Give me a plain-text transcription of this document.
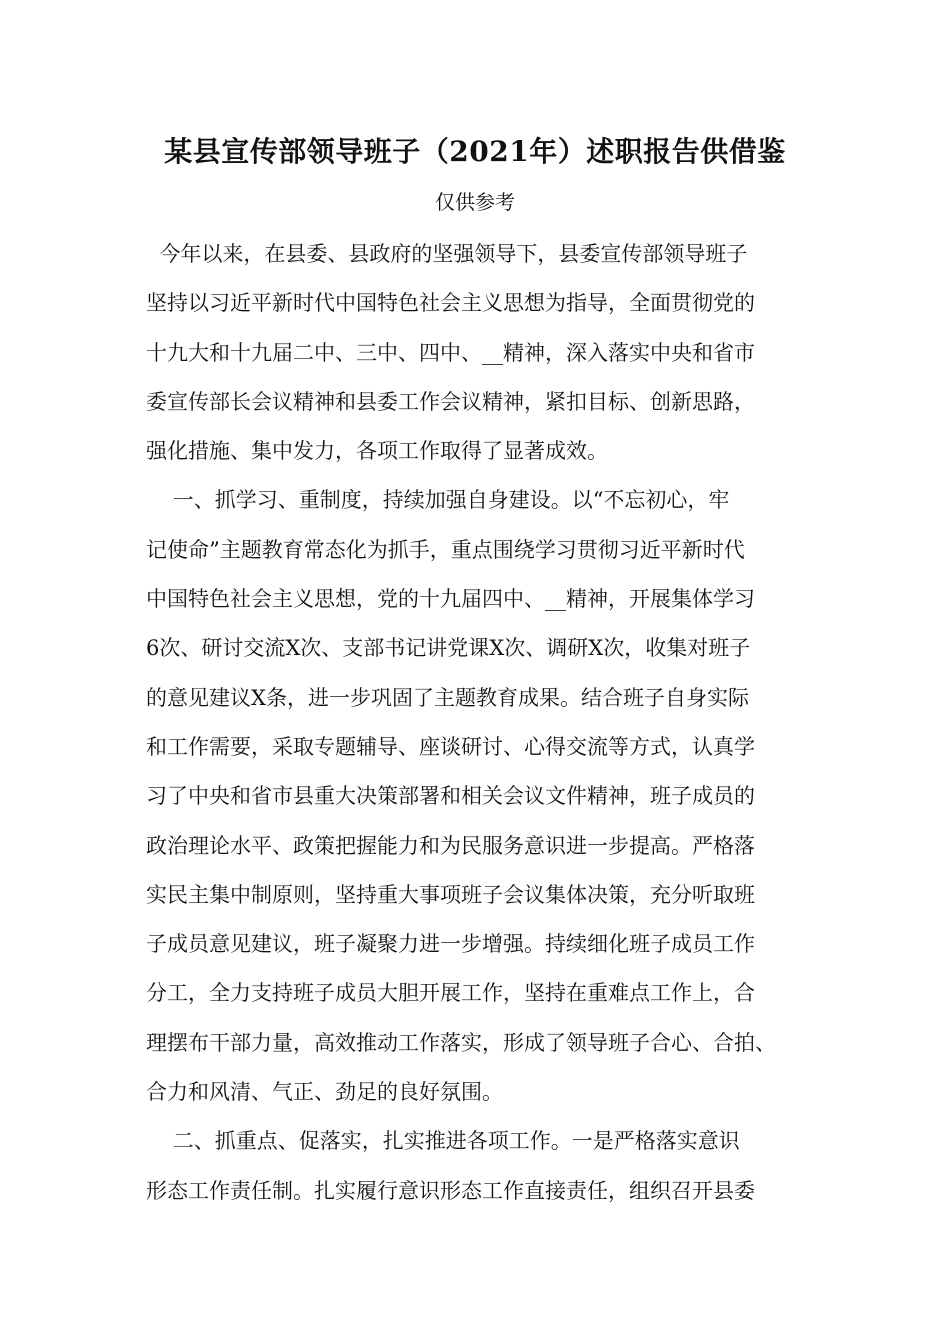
某县宣传部领导班子（2021年）述职报告供借鉴
仅供参考
今年以来，在县委、县政府的坚强领导下，县委宣传部领导班子
坚持以习近平新时代中国特色社会主义思想为指导，全面贯彻党的
十九大和十九届二中、三中、四中、__精神，深入落实中央和省市
委宣传部长会议精神和县委工作会议精神，紧扣目标、创新思路，
强化措施、集中发力，各项工作取得了显著成效。
一、抓学习、重制度，持续加强自身建设。以“不忘初心，牢
记使命”主题教育常态化为抓手，重点围绕学习贯彻习近平新时代
中国特色社会主义思想，党的十九届四中、__精神，开展集体学习
6次、研讨交流X次、支部书记讲党课X次、调研X次，收集对班子
的意见建议X条，进一步巩固了主题教育成果。结合班子自身实际
和工作需要，采取专题辅导、座谈研讨、心得交流等方式，认真学
习了中央和省市县重大决策部署和相关会议文件精神，班子成员的
政治理论水平、政策把握能力和为民服务意识进一步提高。严格落
实民主集中制原则，坚持重大事项班子会议集体决策，充分听取班
子成员意见建议，班子凝聚力进一步增强。持续细化班子成员工作
分工，全力支持班子成员大胆开展工作，坚持在重难点工作上，合
理摆布干部力量，高效推动工作落实，形成了领导班子合心、合拍、
合力和风清、气正、劲足的良好氛围。
二、抓重点、促落实，扎实推进各项工作。一是严格落实意识
形态工作责任制。扎实履行意识形态工作直接责任，组织召开县委
